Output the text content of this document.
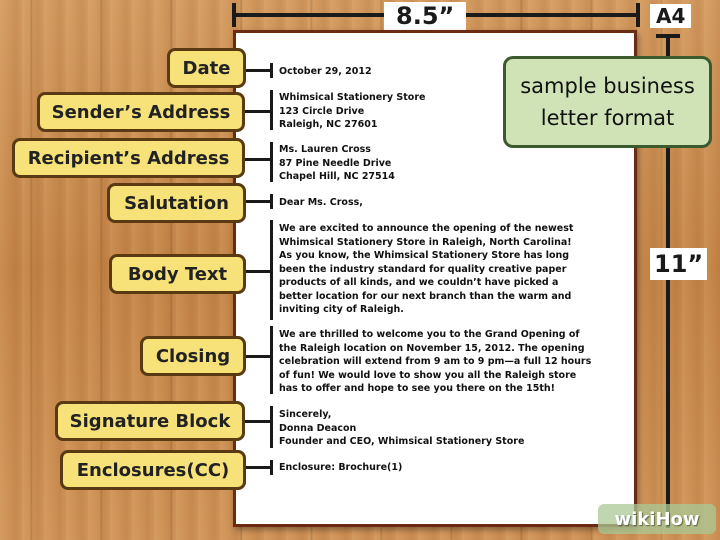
8.5”	A4
11”

October 29, 2012

Whimsical Stationery Store
123 Circle Drive
Raleigh, NC 27601

Ms. Lauren Cross
87 Pine Needle Drive
Chapel Hill, NC 27514

Dear Ms. Cross,

We are excited to announce the opening of the newest
Whimsical Stationery Store in Raleigh, North Carolina!
As you know, the Whimsical Stationery Store has long
been the industry standard for quality creative paper
products of all kinds, and we couldn’t have picked a
better location for our next branch than the warm and
inviting city of Raleigh.

We are thrilled to welcome you to the Grand Opening of
the Raleigh location on November 15, 2012. The opening
celebration will extend from 9 am to 9 pm—a full 12 hours
of fun! We would love to show you all the Raleigh store
has to offer and hope to see you there on the 15th!

Sincerely,
Donna Deacon
Founder and CEO, Whimsical Stationery Store

Enclosure: Brochure(1)

Date
Sender’s Address
Recipient’s Address
Salutation
Body Text
Closing
Signature Block
Enclosures(CC)
sample business
letter format
wikiHow
